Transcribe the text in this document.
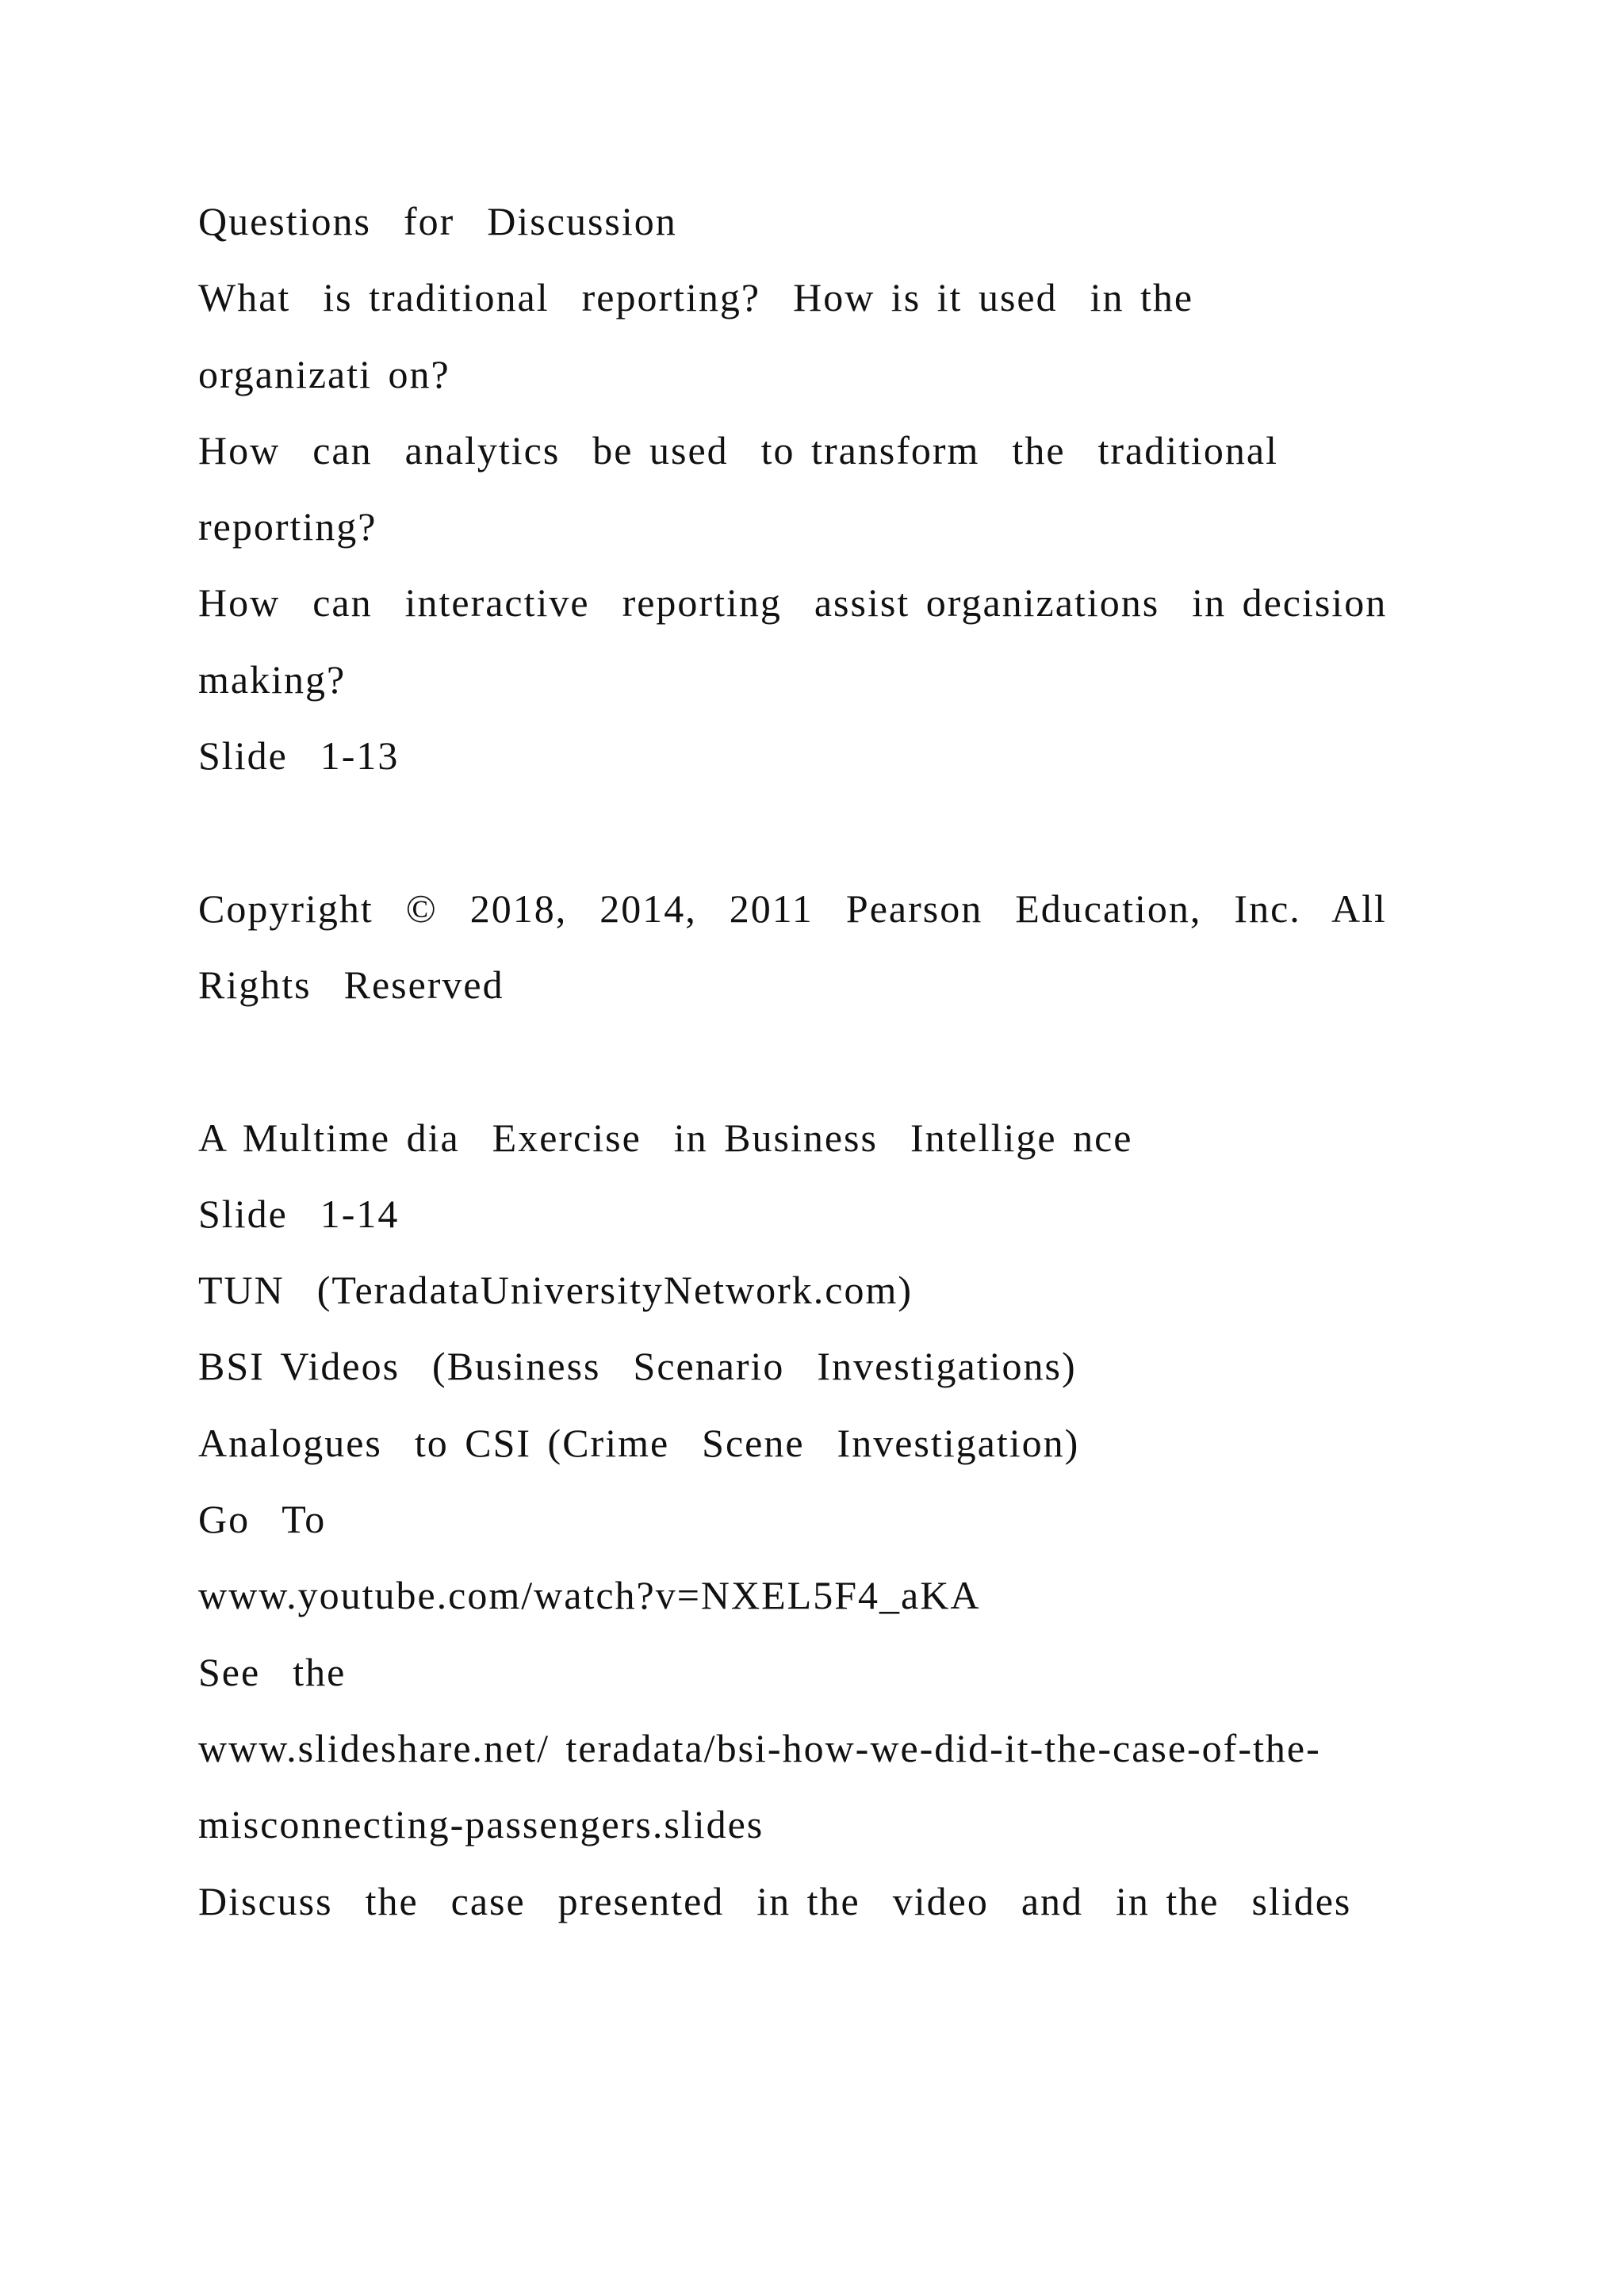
Questions  for  Discussion
What  is traditional  reporting?  How is it used  in the
organizati on?
How  can  analytics  be used  to transform  the  traditional
reporting?
How  can  interactive  reporting  assist organizations  in decision
making?
Slide  1-13
Copyright  ©  2018,  2014,  2011  Pearson  Education,  Inc.  All
Rights  Reserved
A Multime dia  Exercise  in Business  Intellige nce
Slide  1-14
TUN  (TeradataUniversityNetwork.com)
BSI Videos  (Business  Scenario  Investigations)
Analogues  to CSI (Crime  Scene  Investigation)
Go  To
www.youtube.com/watch?v=NXEL5F4_aKA
See  the
www.slideshare.net/ teradata/bsi-how-we-did-it-the-case-of-the-
misconnecting-passengers.slides
Discuss  the  case  presented  in the  video  and  in the  slides
